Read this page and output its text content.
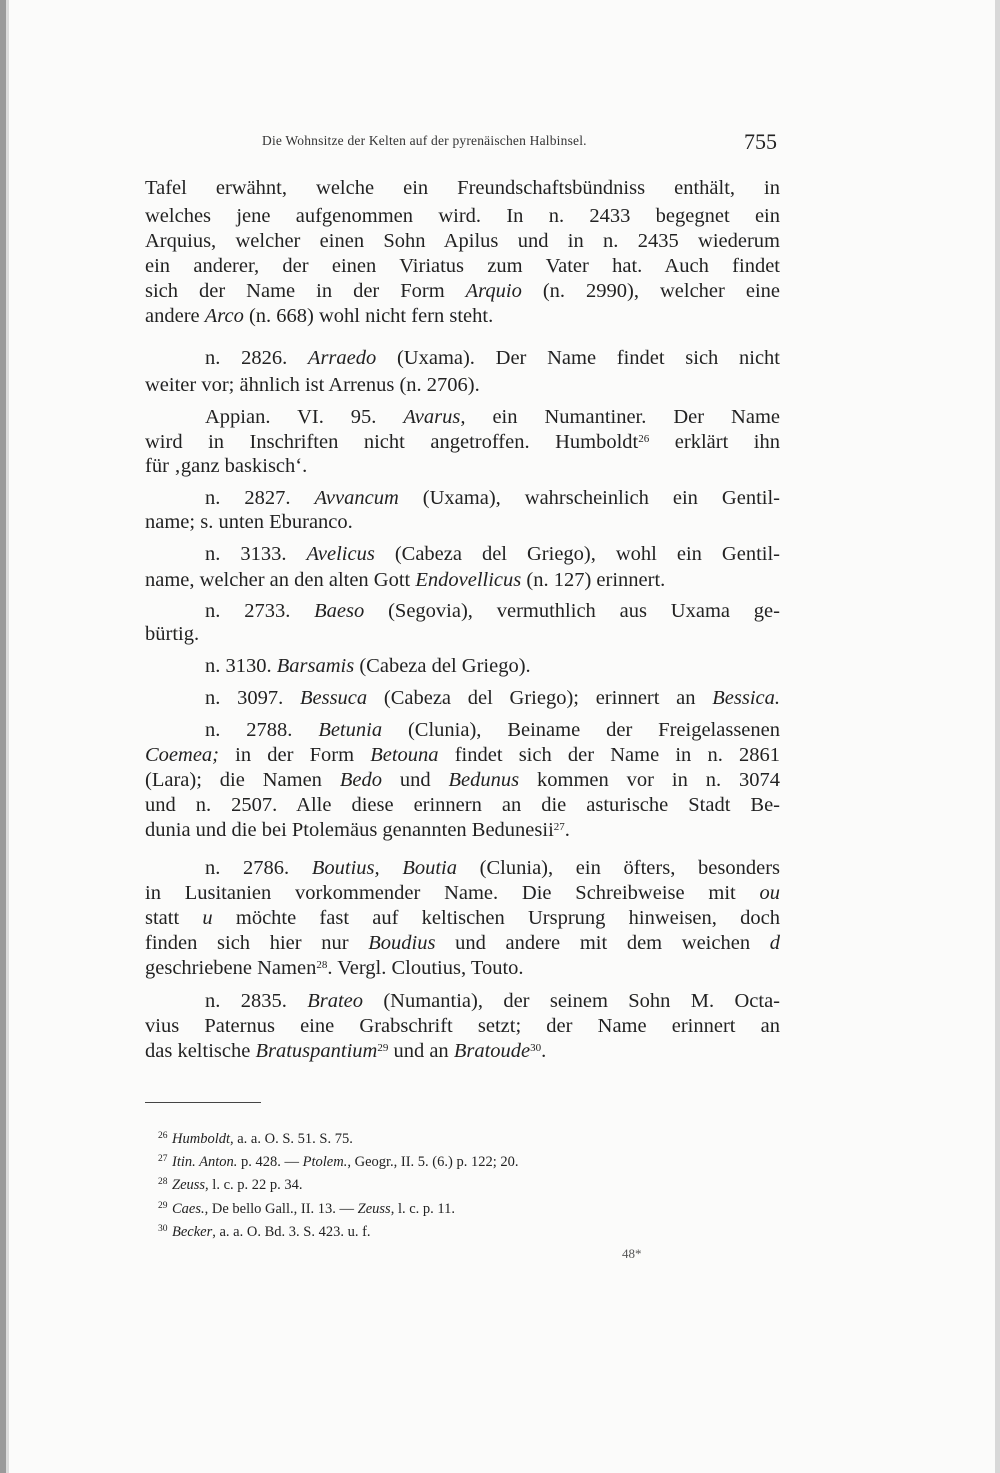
Die Wohnsitze der Kelten auf der pyrenäischen Halbinsel.	755
Tafel erwähnt, welche ein Freundschaftsbündniss enthält, in
welches jene aufgenommen wird. In n. 2433 begegnet ein
Arquius, welcher einen Sohn Apilus und in n. 2435 wiederum
ein anderer, der einen Viriatus zum Vater hat. Auch findet
sich der Name in der Form Arquio (n. 2990), welcher eine
andere Arco (n. 668) wohl nicht fern steht.
n. 2826. Arraedo (Uxama). Der Name findet sich nicht
weiter vor; ähnlich ist Arrenus (n. 2706).
Appian. VI. 95. Avarus, ein Numantiner. Der Name
wird in Inschriften nicht angetroffen. Humboldt$^{26}$ erklärt ihn
für ‚ganz baskisch‘.
n. 2827. Avvancum (Uxama), wahrscheinlich ein Gentil-
name; s. unten Eburanco.
n. 3133. Avelicus (Cabeza del Griego), wohl ein Gentil-
name, welcher an den alten Gott Endovellicus (n. 127) erinnert.
n. 2733. Baeso (Segovia), vermuthlich aus Uxama ge-
bürtig.
n. 3130. Barsamis (Cabeza del Griego).
n. 3097. Bessuca (Cabeza del Griego); erinnert an Bessica.
n. 2788. Betunia (Clunia), Beiname der Freigelassenen
Coemea; in der Form Betouna findet sich der Name in n. 2861
(Lara); die Namen Bedo und Bedunus kommen vor in n. 3074
und n. 2507. Alle diese erinnern an die asturische Stadt Be-
dunia und die bei Ptolemäus genannten Bedunesii$^{27}$.
n. 2786. Boutius, Boutia (Clunia), ein öfters, besonders
in Lusitanien vorkommender Name. Die Schreibweise mit ou
statt u möchte fast auf keltischen Ursprung hinweisen, doch
finden sich hier nur Boudius und andere mit dem weichen d
geschriebene Namen$^{28}$. Vergl. Cloutius, Touto.
n. 2835. Brateo (Numantia), der seinem Sohn M. Octa-
vius Paternus eine Grabschrift setzt; der Name erinnert an
das keltische Bratuspantium$^{29}$ und an Bratoude$^{30}$.
26 Humboldt, a. a. O. S. 51. S. 75.
27 Itin. Anton. p. 428. — Ptolem., Geogr., II. 5. (6.) p. 122; 20.
28 Zeuss, l. c. p. 22 p. 34.
29 Caes., De bello Gall., II. 13. — Zeuss, l. c. p. 11.
30 Becker, a. a. O. Bd. 3. S. 423. u. f.
48*
